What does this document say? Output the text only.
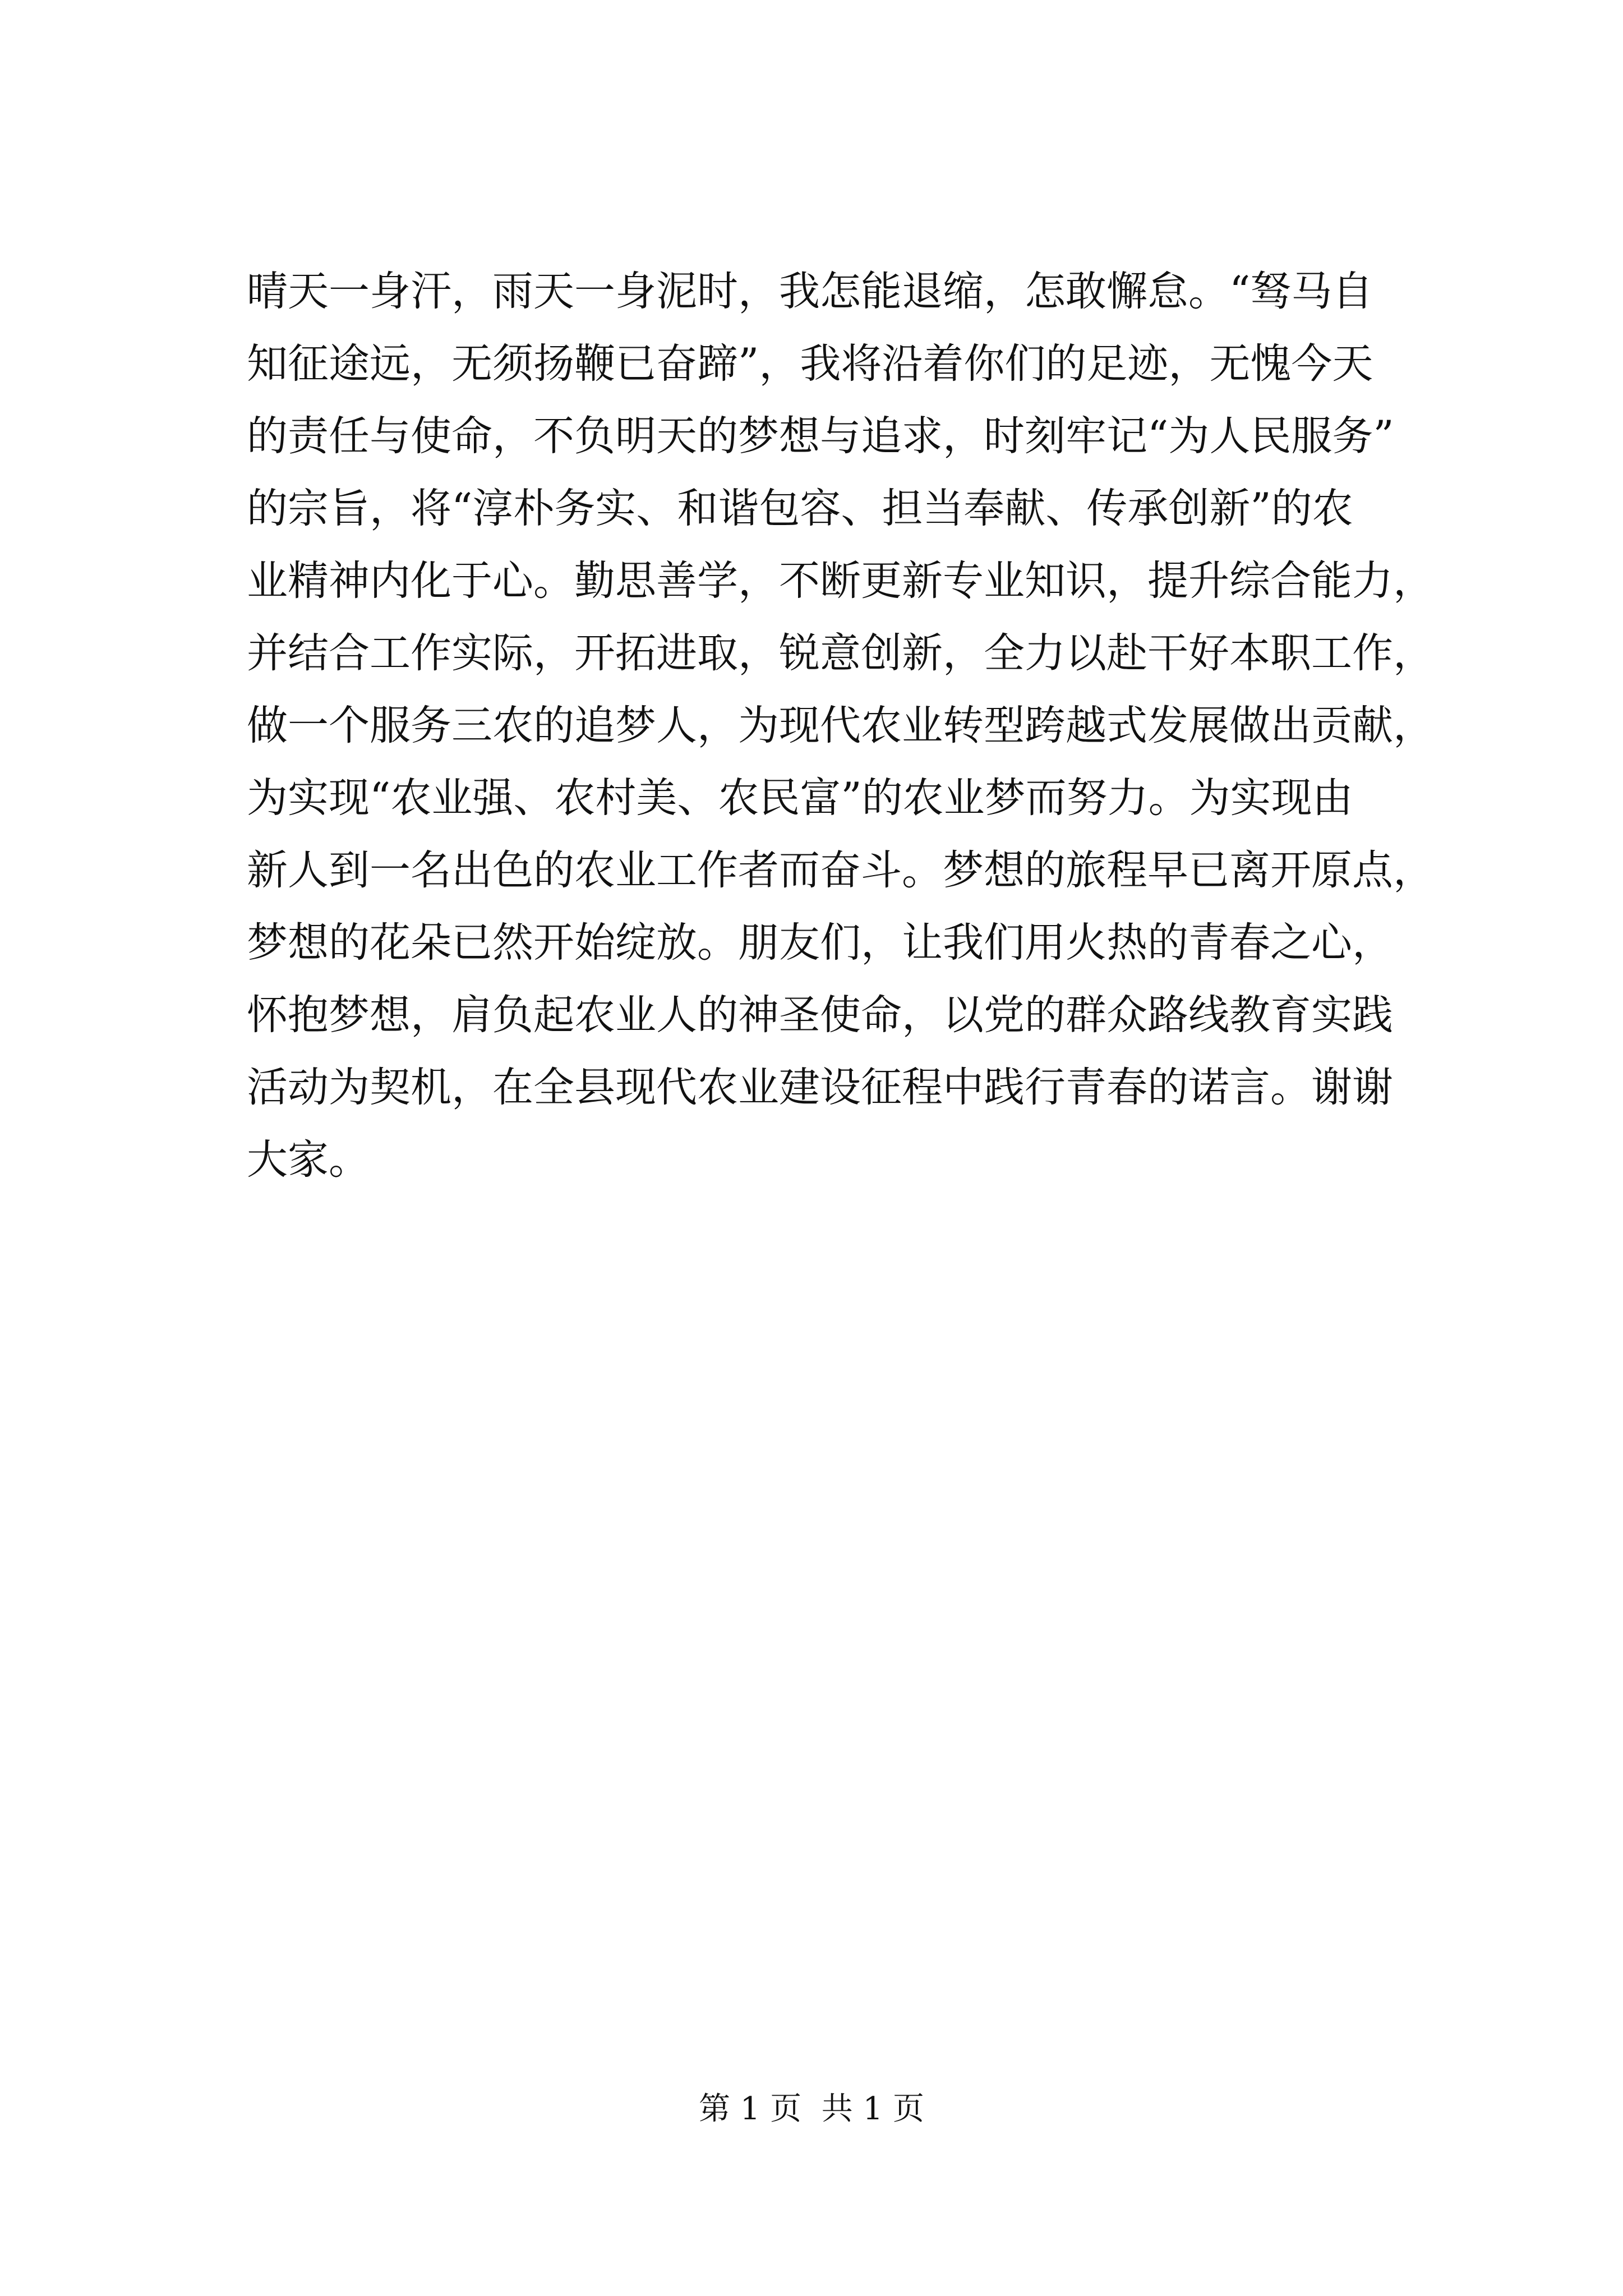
晴天一身汗，雨天一身泥时，我怎能退缩，怎敢懈怠。“驽马自
知征途远，无须扬鞭已奋蹄”，我将沿着你们的足迹，无愧今天
的责任与使命，不负明天的梦想与追求，时刻牢记“为人民服务”
的宗旨，将“淳朴务实、和谐包容、担当奉献、传承创新”的农
业精神内化于心。勤思善学，不断更新专业知识，提升综合能力，
并结合工作实际，开拓进取，锐意创新，全力以赴干好本职工作，
做一个服务三农的追梦人，为现代农业转型跨越式发展做出贡献，
为实现“农业强、农村美、农民富”的农业梦而努力。为实现由
新人到一名出色的农业工作者而奋斗。梦想的旅程早已离开原点，
梦想的花朵已然开始绽放。朋友们，让我们用火热的青春之心，
怀抱梦想，肩负起农业人的神圣使命，以党的群众路线教育实践
活动为契机，在全县现代农业建设征程中践行青春的诺言。谢谢
大家。
第 1 页  共 1 页
